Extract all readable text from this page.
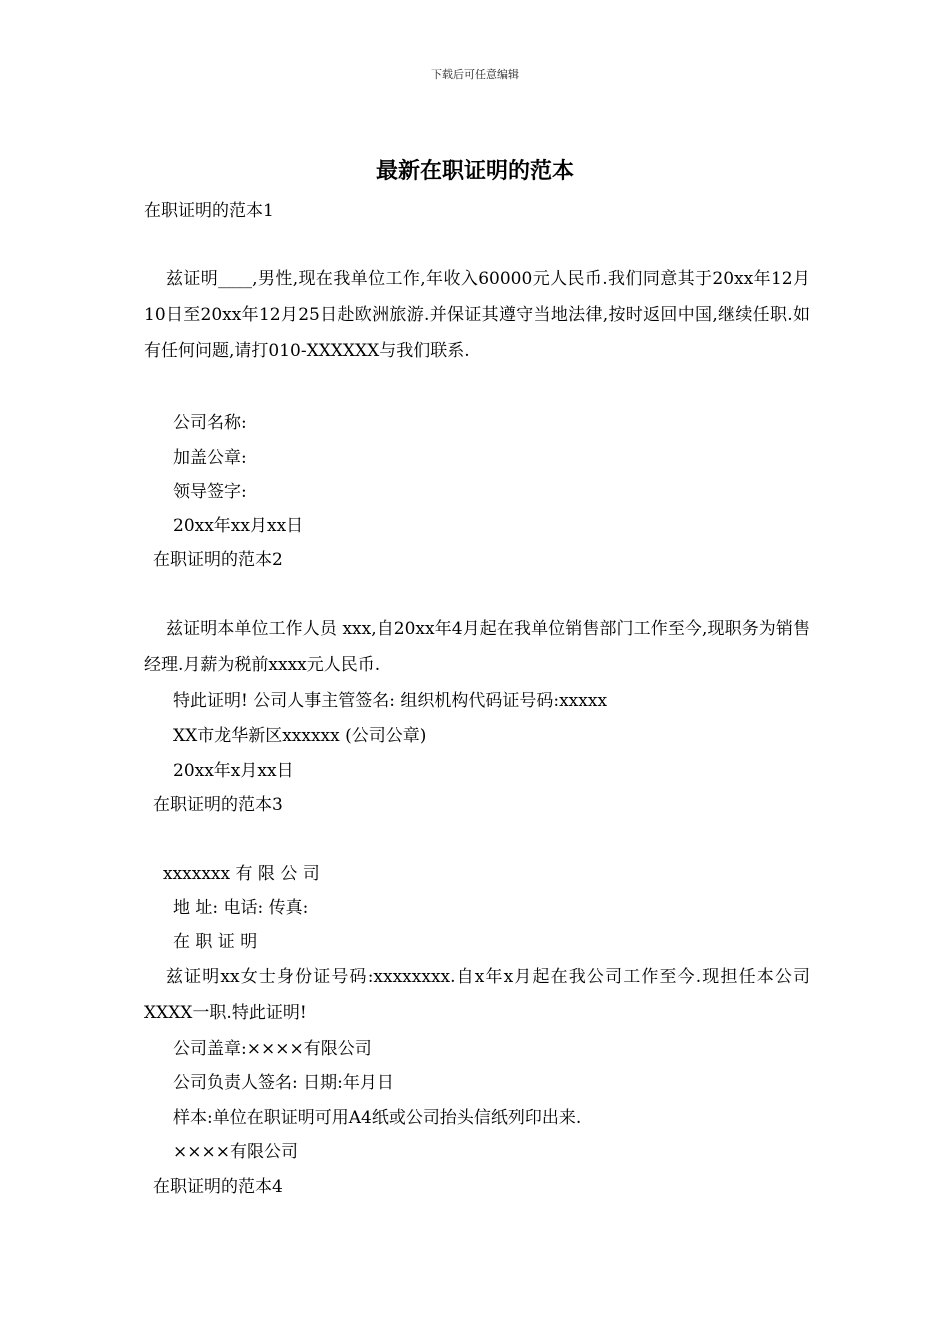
下载后可任意编辑
最新在职证明的范本
在职证明的范本1
兹证明____,男性,现在我单位工作,年收入60000元人民币.我们同意其于20xx年12月10日至20xx年12月25日赴欧洲旅游.并保证其遵守当地法律,按时返回中国,继续任职.如有任何问题,请打010-XXXXXX与我们联系.
公司名称:
加盖公章:
领导签字:
20xx年xx月xx日
在职证明的范本2
兹证明本单位工作人员 xxx,自20xx年4月起在我单位销售部门工作至今,现职务为销售经理.月薪为税前xxxx元人民币.
特此证明! 公司人事主管签名: 组织机构代码证号码:xxxxx
XX市龙华新区xxxxxx (公司公章)
20xx年x月xx日
在职证明的范本3
xxxxxxx 有 限 公 司
地 址: 电话: 传真:
在 职 证 明
兹证明xx女士身份证号码:xxxxxxxx.自x年x月起在我公司工作至今.现担任本公司XXXX一职.特此证明!
公司盖章:××××有限公司
公司负责人签名: 日期:年月日
样本:单位在职证明可用A4纸或公司抬头信纸列印出来.
××××有限公司
在职证明的范本4
